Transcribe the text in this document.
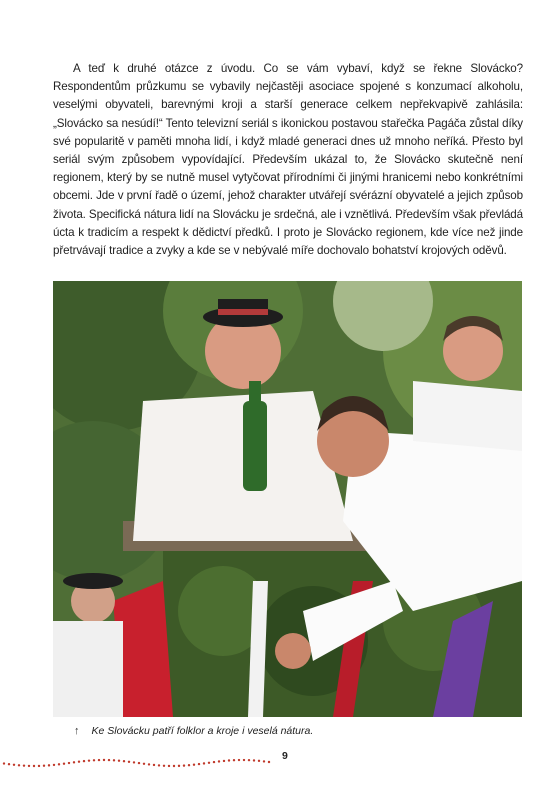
A teď k druhé otázce z úvodu. Co se vám vybaví, když se řekne Slovácko? Respondentům průzkumu se vybavily nejčastěji asociace spojené s konzumací alkoholu, veselými obyvateli, barevnými kroji a starší generace celkem nepřekvapivě zahlásila: „Slovácko sa nesúdí!“ Tento televizní seriál s ikonickou postavou stařečka Pagáča zůstal díky své popularitě v paměti mnoha lidí, i když mladé generaci dnes už mnoho neříká. Přesto byl seriál svým způsobem vypovídající. Především ukázal to, že Slovácko skutečně není regionem, který by se nutně musel vytyčovat přírodními či jinými hranicemi nebo konkrétními obcemi. Jde v první řadě o území, jehož charakter utvářejí svérázní obyvatelé a jejich způsob života. Specifická nátura lidí na Slovácku je srdečná, ale i vznětlivá. Především však převládá úcta k tradicím a respekt k dědictví předků. I proto je Slovácko regionem, kde více než jinde přetrvávají tradice a zvyky a kde se v nebývalé míře dochovalo bohatství krojových oděvů.

↑ Ke Slovácku patří folklor a kroje i veselá nátura.
9
